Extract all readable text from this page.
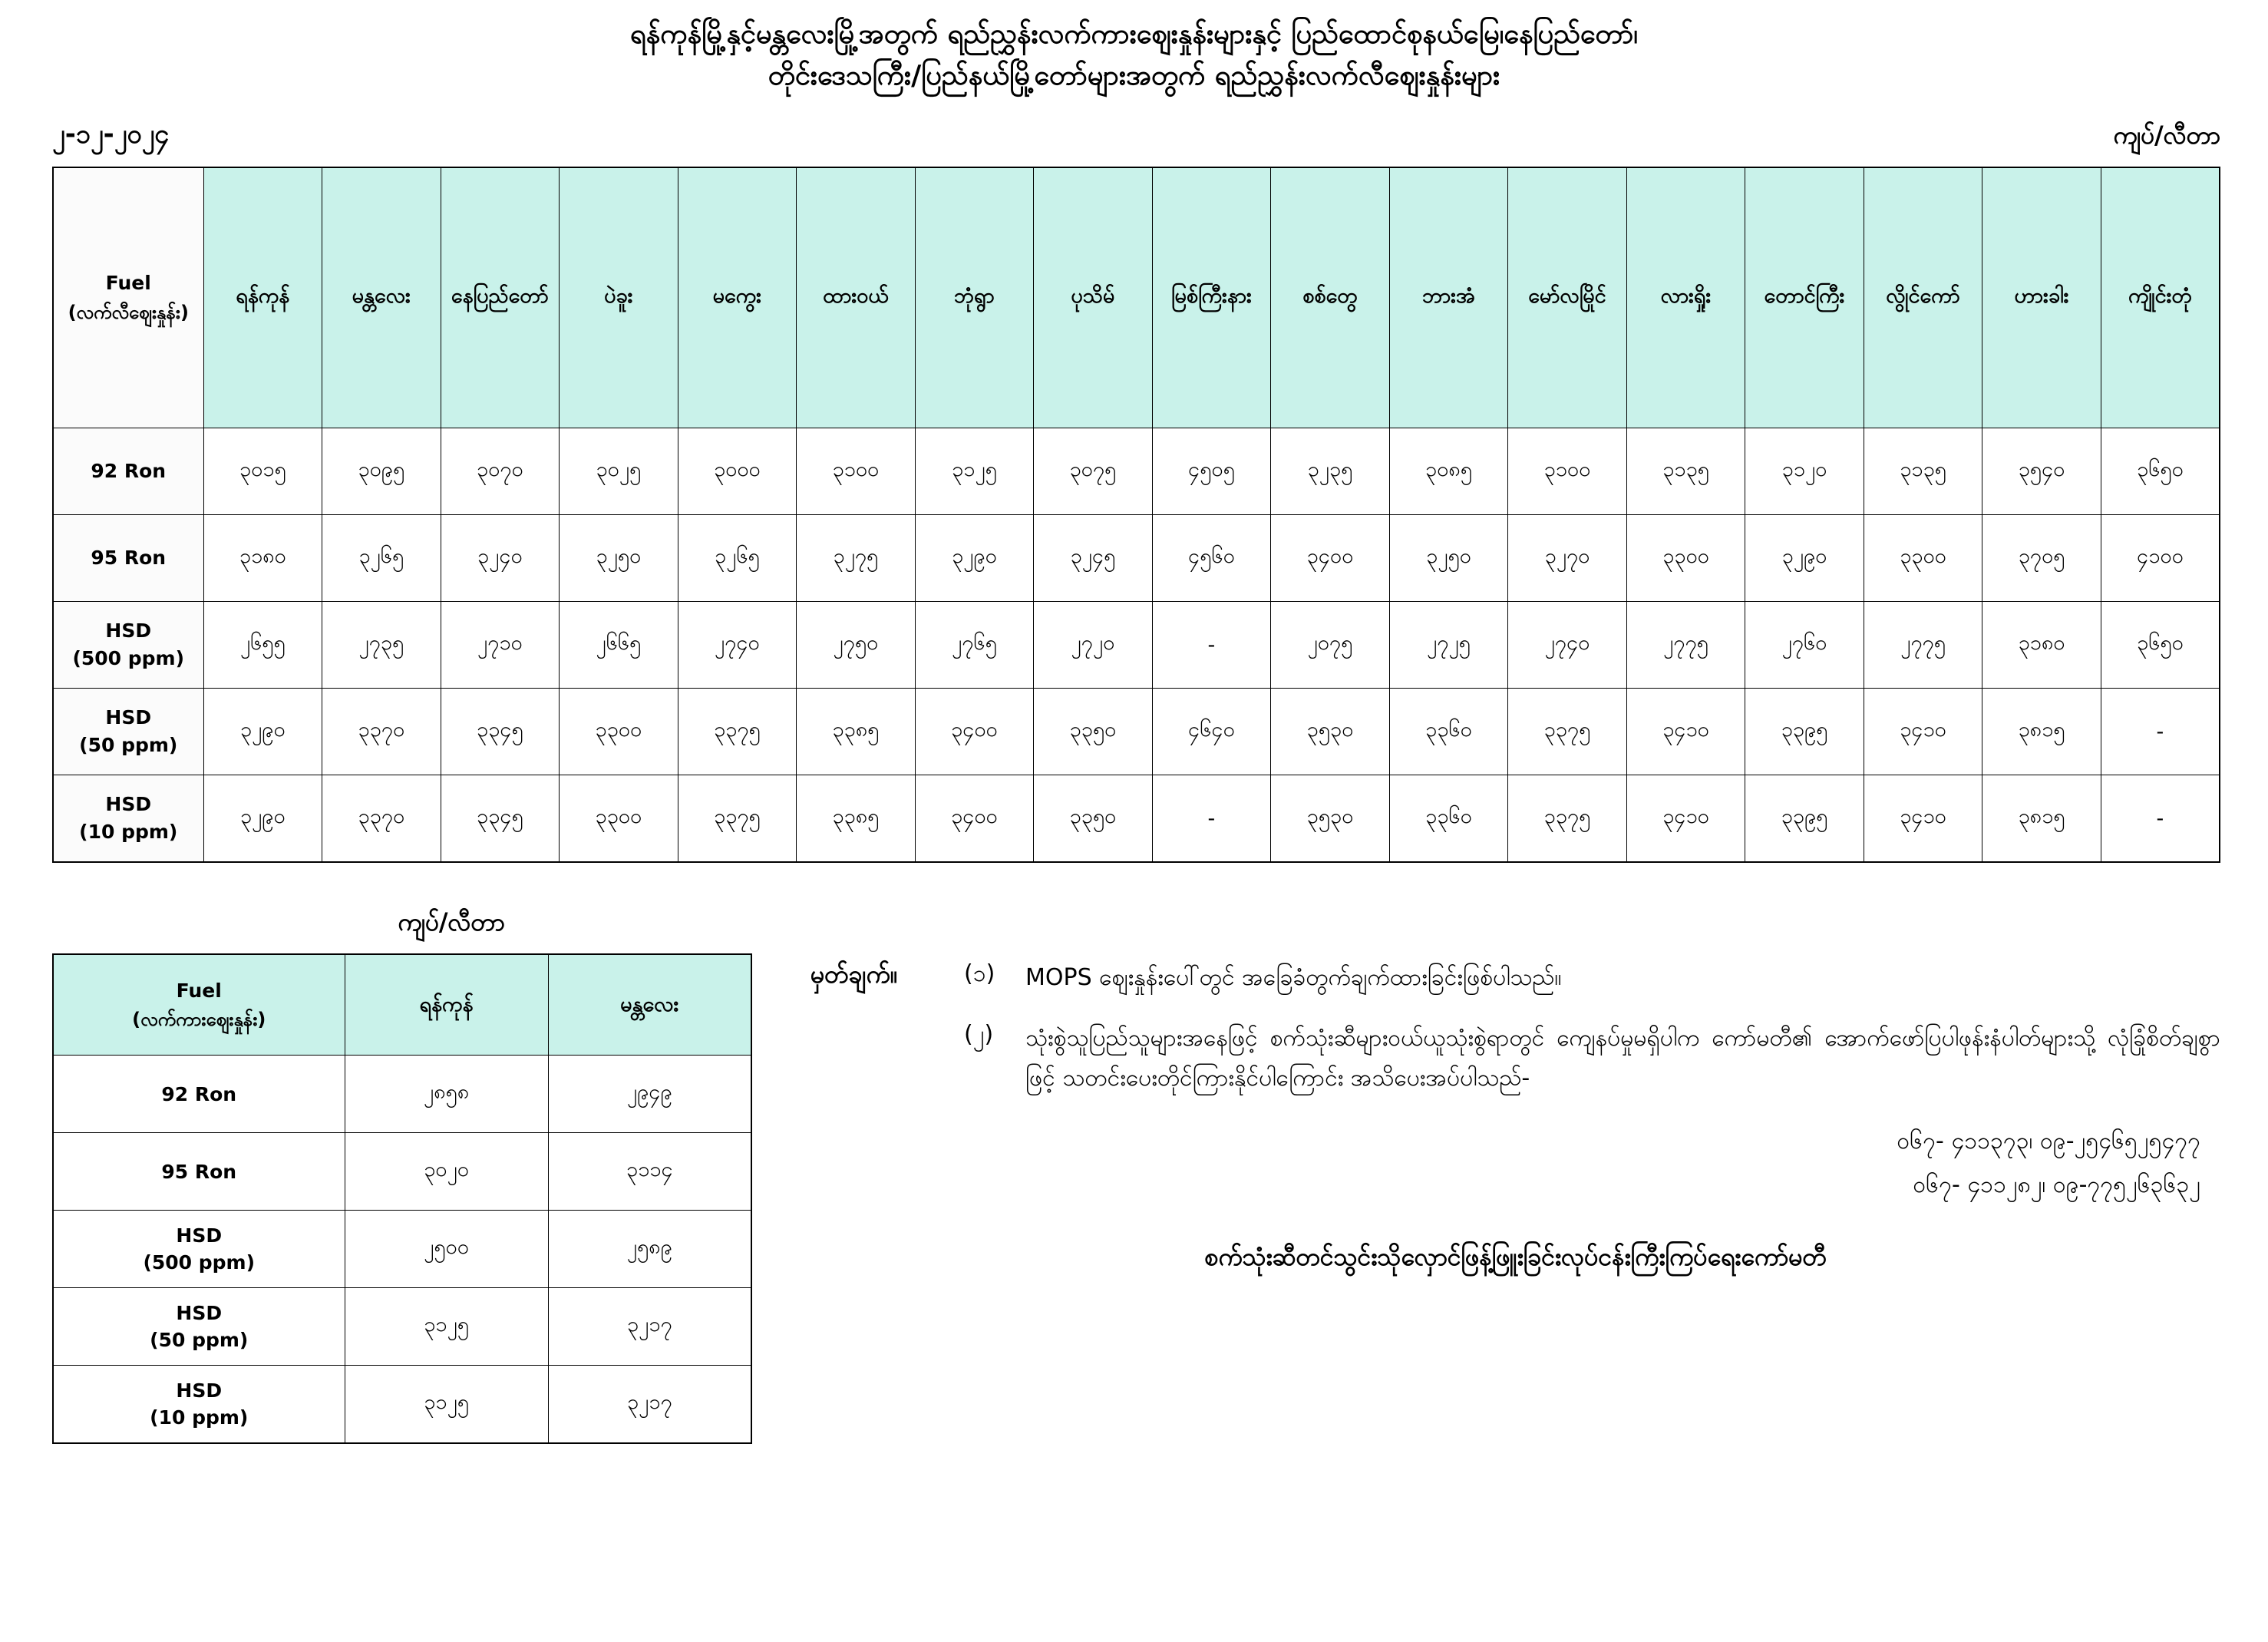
ရန်ကုန်မြို့နှင့်မန္တလေးမြို့အတွက် ရည်ညွှန်းလက်ကားဈေးနှုန်းများနှင့် ပြည်ထောင်စုနယ်မြေ၊နေပြည်တော်၊
တိုင်းဒေသကြီး/ပြည်နယ်မြို့တော်များအတွက် ရည်ညွှန်းလက်လီဈေးနှုန်းများ
၂-၁၂-၂၀၂၄	ကျပ်/လီတာ
Fuel
(လက်လီဈေးနှုန်း)	ရန်ကုန်	မန္တလေး	နေပြည်တော်	ပဲခူး	မကွေး	ထားဝယ်	ဘုံရွာ	ပုသိမ်	မြစ်ကြီးနား	စစ်တွေ	ဘားအံ	မော်လမြိုင်	လားရှိုး	တောင်ကြီး	လွိုင်ကော်	ဟားခါး	ကျိုင်းတုံ

92 Ron	၃၀၁၅	၃၀၉၅	၃၀၇၀	၃၀၂၅	၃၀၀၀	၃၁၀၀	၃၁၂၅	၃၀၇၅	၄၅၀၅	၃၂၃၅	၃၀၈၅	၃၁၀၀	၃၁၃၅	၃၁၂၀	၃၁၃၅	၃၅၄၀	၃၆၅၀

95 Ron	၃၁၈၀	၃၂၆၅	၃၂၄၀	၃၂၅၀	၃၂၆၅	၃၂၇၅	၃၂၉၀	၃၂၄၅	၄၅၆၀	၃၄၀၀	၃၂၅၀	၃၂၇၀	၃၃၀၀	၃၂၉၀	၃၃၀၀	၃၇၀၅	၄၁၀၀

HSD
(500 ppm)	၂၆၅၅	၂၇၃၅	၂၇၁၀	၂၆၆၅	၂၇၄၀	၂၇၅၀	၂၇၆၅	၂၇၂၀	-	၂၀၇၅	၂၇၂၅	၂၇၄၀	၂၇၇၅	၂၇၆၀	၂၇၇၅	၃၁၈၀	၃၆၅၀

HSD
(50 ppm)	၃၂၉၀	၃၃၇၀	၃၃၄၅	၃၃၀၀	၃၃၇၅	၃၃၈၅	၃၄၀၀	၃၃၅၀	၄၆၄၀	၃၅၃၀	၃၃၆၀	၃၃၇၅	၃၄၁၀	၃၃၉၅	၃၄၁၀	၃၈၁၅	-

HSD
(10 ppm)	၃၂၉၀	၃၃၇၀	၃၃၄၅	၃၃၀၀	၃၃၇၅	၃၃၈၅	၃၄၀၀	၃၃၅၀	-	၃၅၃၀	၃၃၆၀	၃၃၇၅	၃၄၁၀	၃၃၉၅	၃၄၁၀	၃၈၁၅	-
ကျပ်/လီတာ
Fuel
(လက်ကားဈေးနှုန်း)	ရန်ကုန်	မန္တလေး

92 Ron	၂၈၅၈	၂၉၄၉

95 Ron	၃၀၂၀	၃၁၁၄

HSD
(500 ppm)	၂၅၀၀	၂၅၈၉

HSD
(50 ppm)	၃၁၂၅	၃၂၁၇

HSD
(10 ppm)	၃၁၂၅	၃၂၁၇
မှတ်ချက်။	(၁)	MOPS ဈေးနှုန်းပေါ်တွင် အခြေခံတွက်ချက်ထားခြင်းဖြစ်ပါသည်။
(၂)	သုံးစွဲသူပြည်သူများအနေဖြင့် စက်သုံးဆီများဝယ်ယူသုံးစွဲရာတွင် ကျေနပ်မှုမရှိပါက ကော်မတီ၏ အောက်ဖော်ပြပါဖုန်းနံပါတ်များသို့ လုံခြုံစိတ်ချစွာဖြင့် သတင်းပေးတိုင်ကြားနိုင်ပါကြောင်း အသိပေးအပ်ပါသည်-
၀၆၇- ၄၁၁၃၇၃၊ ၀၉-၂၅၄၆၅၂၅၄၇၇
၀၆၇- ၄၁၁၂၈၂၊ ၀၉-၇၇၅၂၆၃၆၃၂
စက်သုံးဆီတင်သွင်းသိုလှောင်ဖြန့်ဖြူးခြင်းလုပ်ငန်းကြီးကြပ်ရေးကော်မတီ
